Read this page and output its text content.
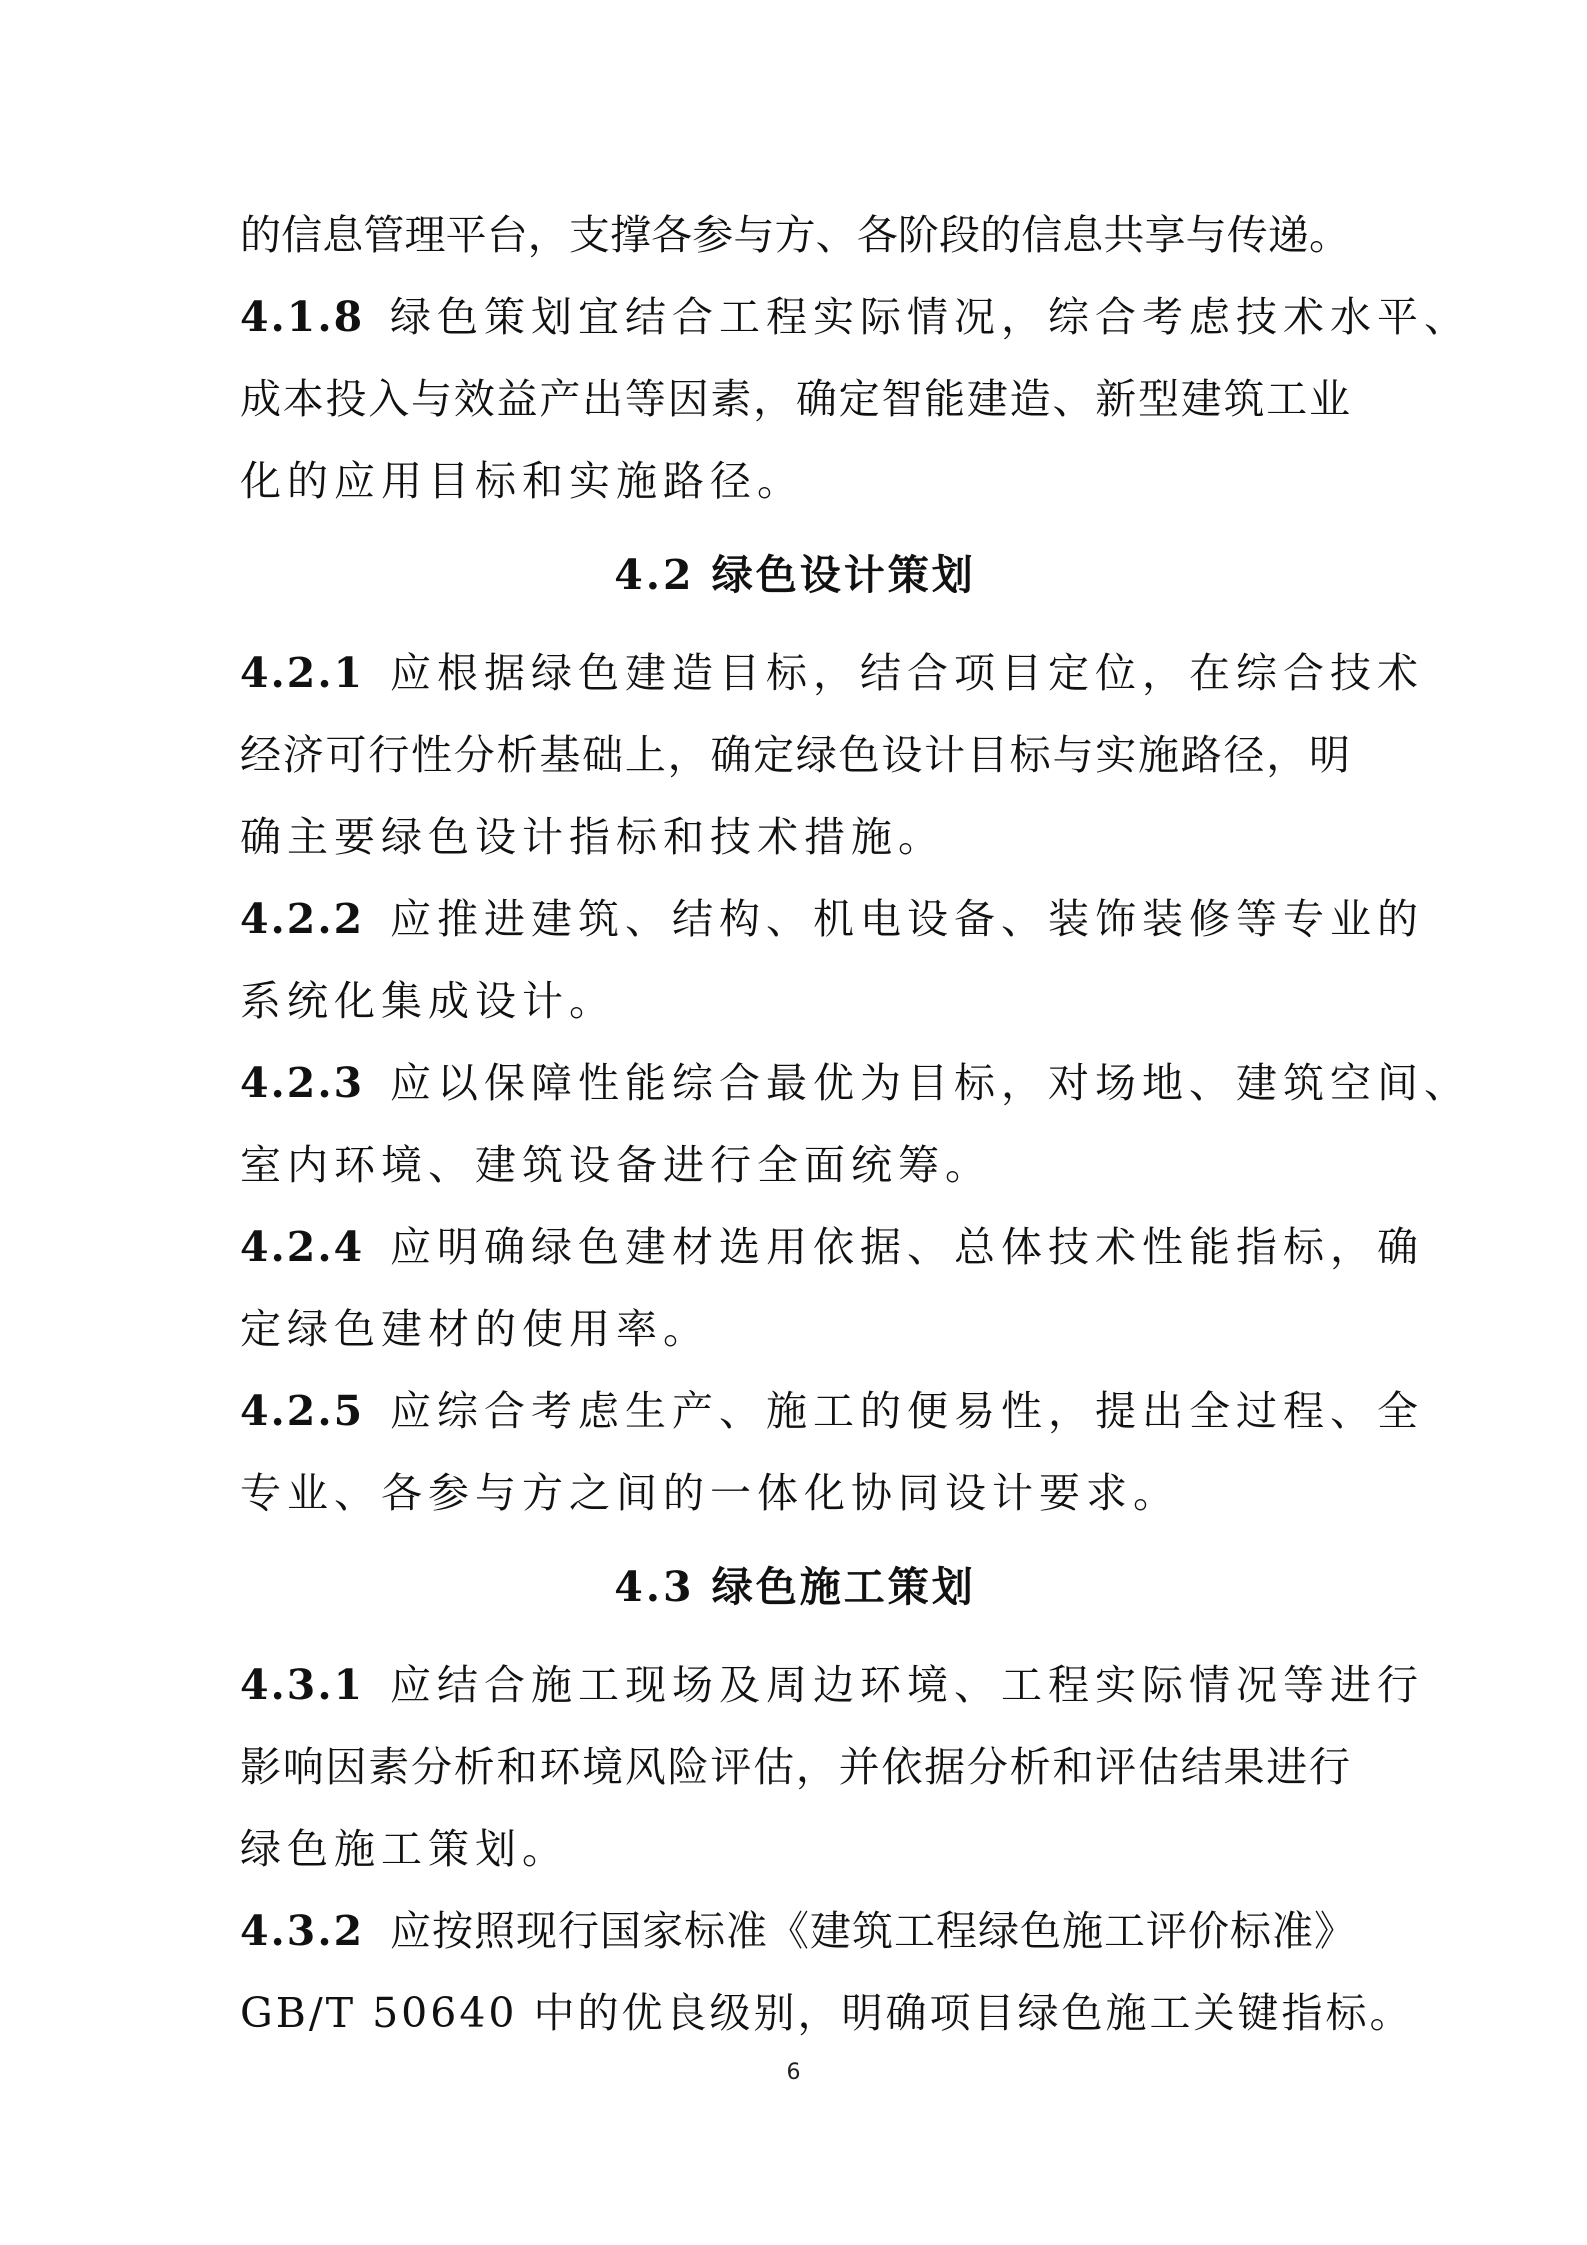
的信息管理平台，支撑各参与方、各阶段的信息共享与传递。
4.1.8 绿色策划宜结合工程实际情况，综合考虑技术水平、
成本投入与效益产出等因素，确定智能建造、新型建筑工业
化的应用目标和实施路径。
4.2 绿色设计策划
4.2.1 应根据绿色建造目标，结合项目定位，在综合技术
经济可行性分析基础上，确定绿色设计目标与实施路径，明
确主要绿色设计指标和技术措施。
4.2.2 应推进建筑、结构、机电设备、装饰装修等专业的
系统化集成设计。
4.2.3 应以保障性能综合最优为目标，对场地、建筑空间、
室内环境、建筑设备进行全面统筹。
4.2.4 应明确绿色建材选用依据、总体技术性能指标，确
定绿色建材的使用率。
4.2.5 应综合考虑生产、施工的便易性，提出全过程、全
专业、各参与方之间的一体化协同设计要求。
4.3 绿色施工策划
4.3.1 应结合施工现场及周边环境、工程实际情况等进行
影响因素分析和环境风险评估，并依据分析和评估结果进行
绿色施工策划。
4.3.2 应按照现行国家标准《建筑工程绿色施工评价标准》
GB/T 50640 中的优良级别，明确项目绿色施工关键指标。
6
